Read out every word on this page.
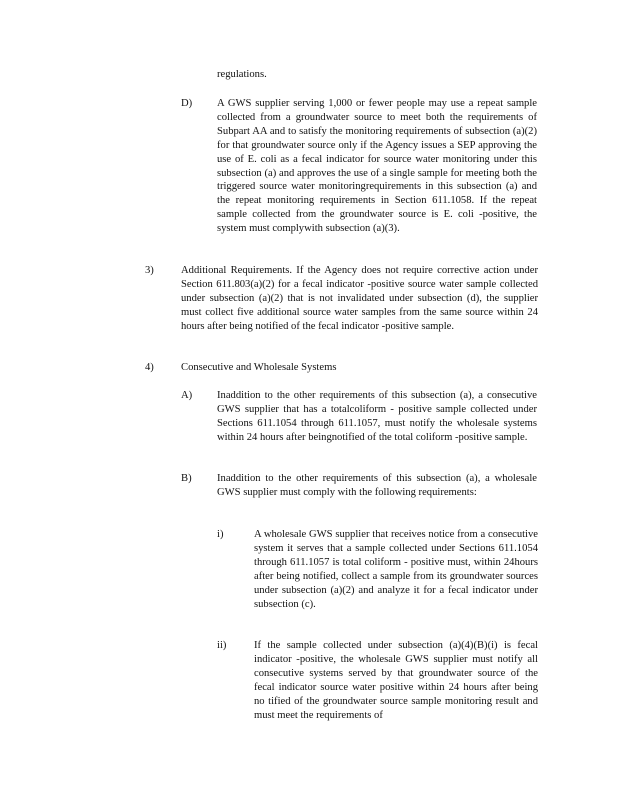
regulations.
D) A GWS supplier serving 1,000 or fewer people may use a repeat sample collected from a groundwater source to meet both the requirements of Subpart AA and to satisfy the monitoring requirements of subsection (a)(2) for that groundwater source only if the Agency issues a SEP approving the use of E. coli as a fecal indicator for source water monitoring under this subsection (a) and approves the use of a single sample for meeting both the triggered source water monitoringrequirements in this subsection (a) and the repeat monitoring requirements in Section 611.1058. If the repeat sample collected from the groundwater source is E. coli -positive, the system must complywith subsection (a)(3).
3)	Additional Requirements. If the Agency does not require corrective action under Section 611.803(a)(2) for a fecal indicator -positive source water sample collected under subsection (a)(2) that is not invalidated under subsection (d), the supplier must collect five additional source water samples from the same source within 24 hours after being notified of the fecal indicator -positive sample.
4)	Consecutive and Wholesale Systems
A) Inaddition to the other requirements of this subsection (a), a consecutive GWS supplier that has a totalcoliform - positive sample collected under Sections 611.1054 through 611.1057, must notify the wholesale systems within 24 hours after beingnotified of the total coliform -positive sample.
B) Inaddition to the other requirements of this subsection (a), a wholesale GWS supplier must comply with the following requirements:
i)	A wholesale GWS supplier that receives notice from a consecutive system it serves that a sample collected under Sections 611.1054 through 611.1057 is total coliform - positive must, within 24hours after being notified, collect a sample from its groundwater sources under subsection (a)(2) and analyze it for a fecal indicator under subsection (c).
ii)	If the sample collected under subsection (a)(4)(B)(i) is fecal indicator -positive, the wholesale GWS supplier must notify all consecutive systems served by that groundwater source of the fecal indicator source water positive within 24 hours after being no tified of the groundwater source sample monitoring result and must meet the requirements of
